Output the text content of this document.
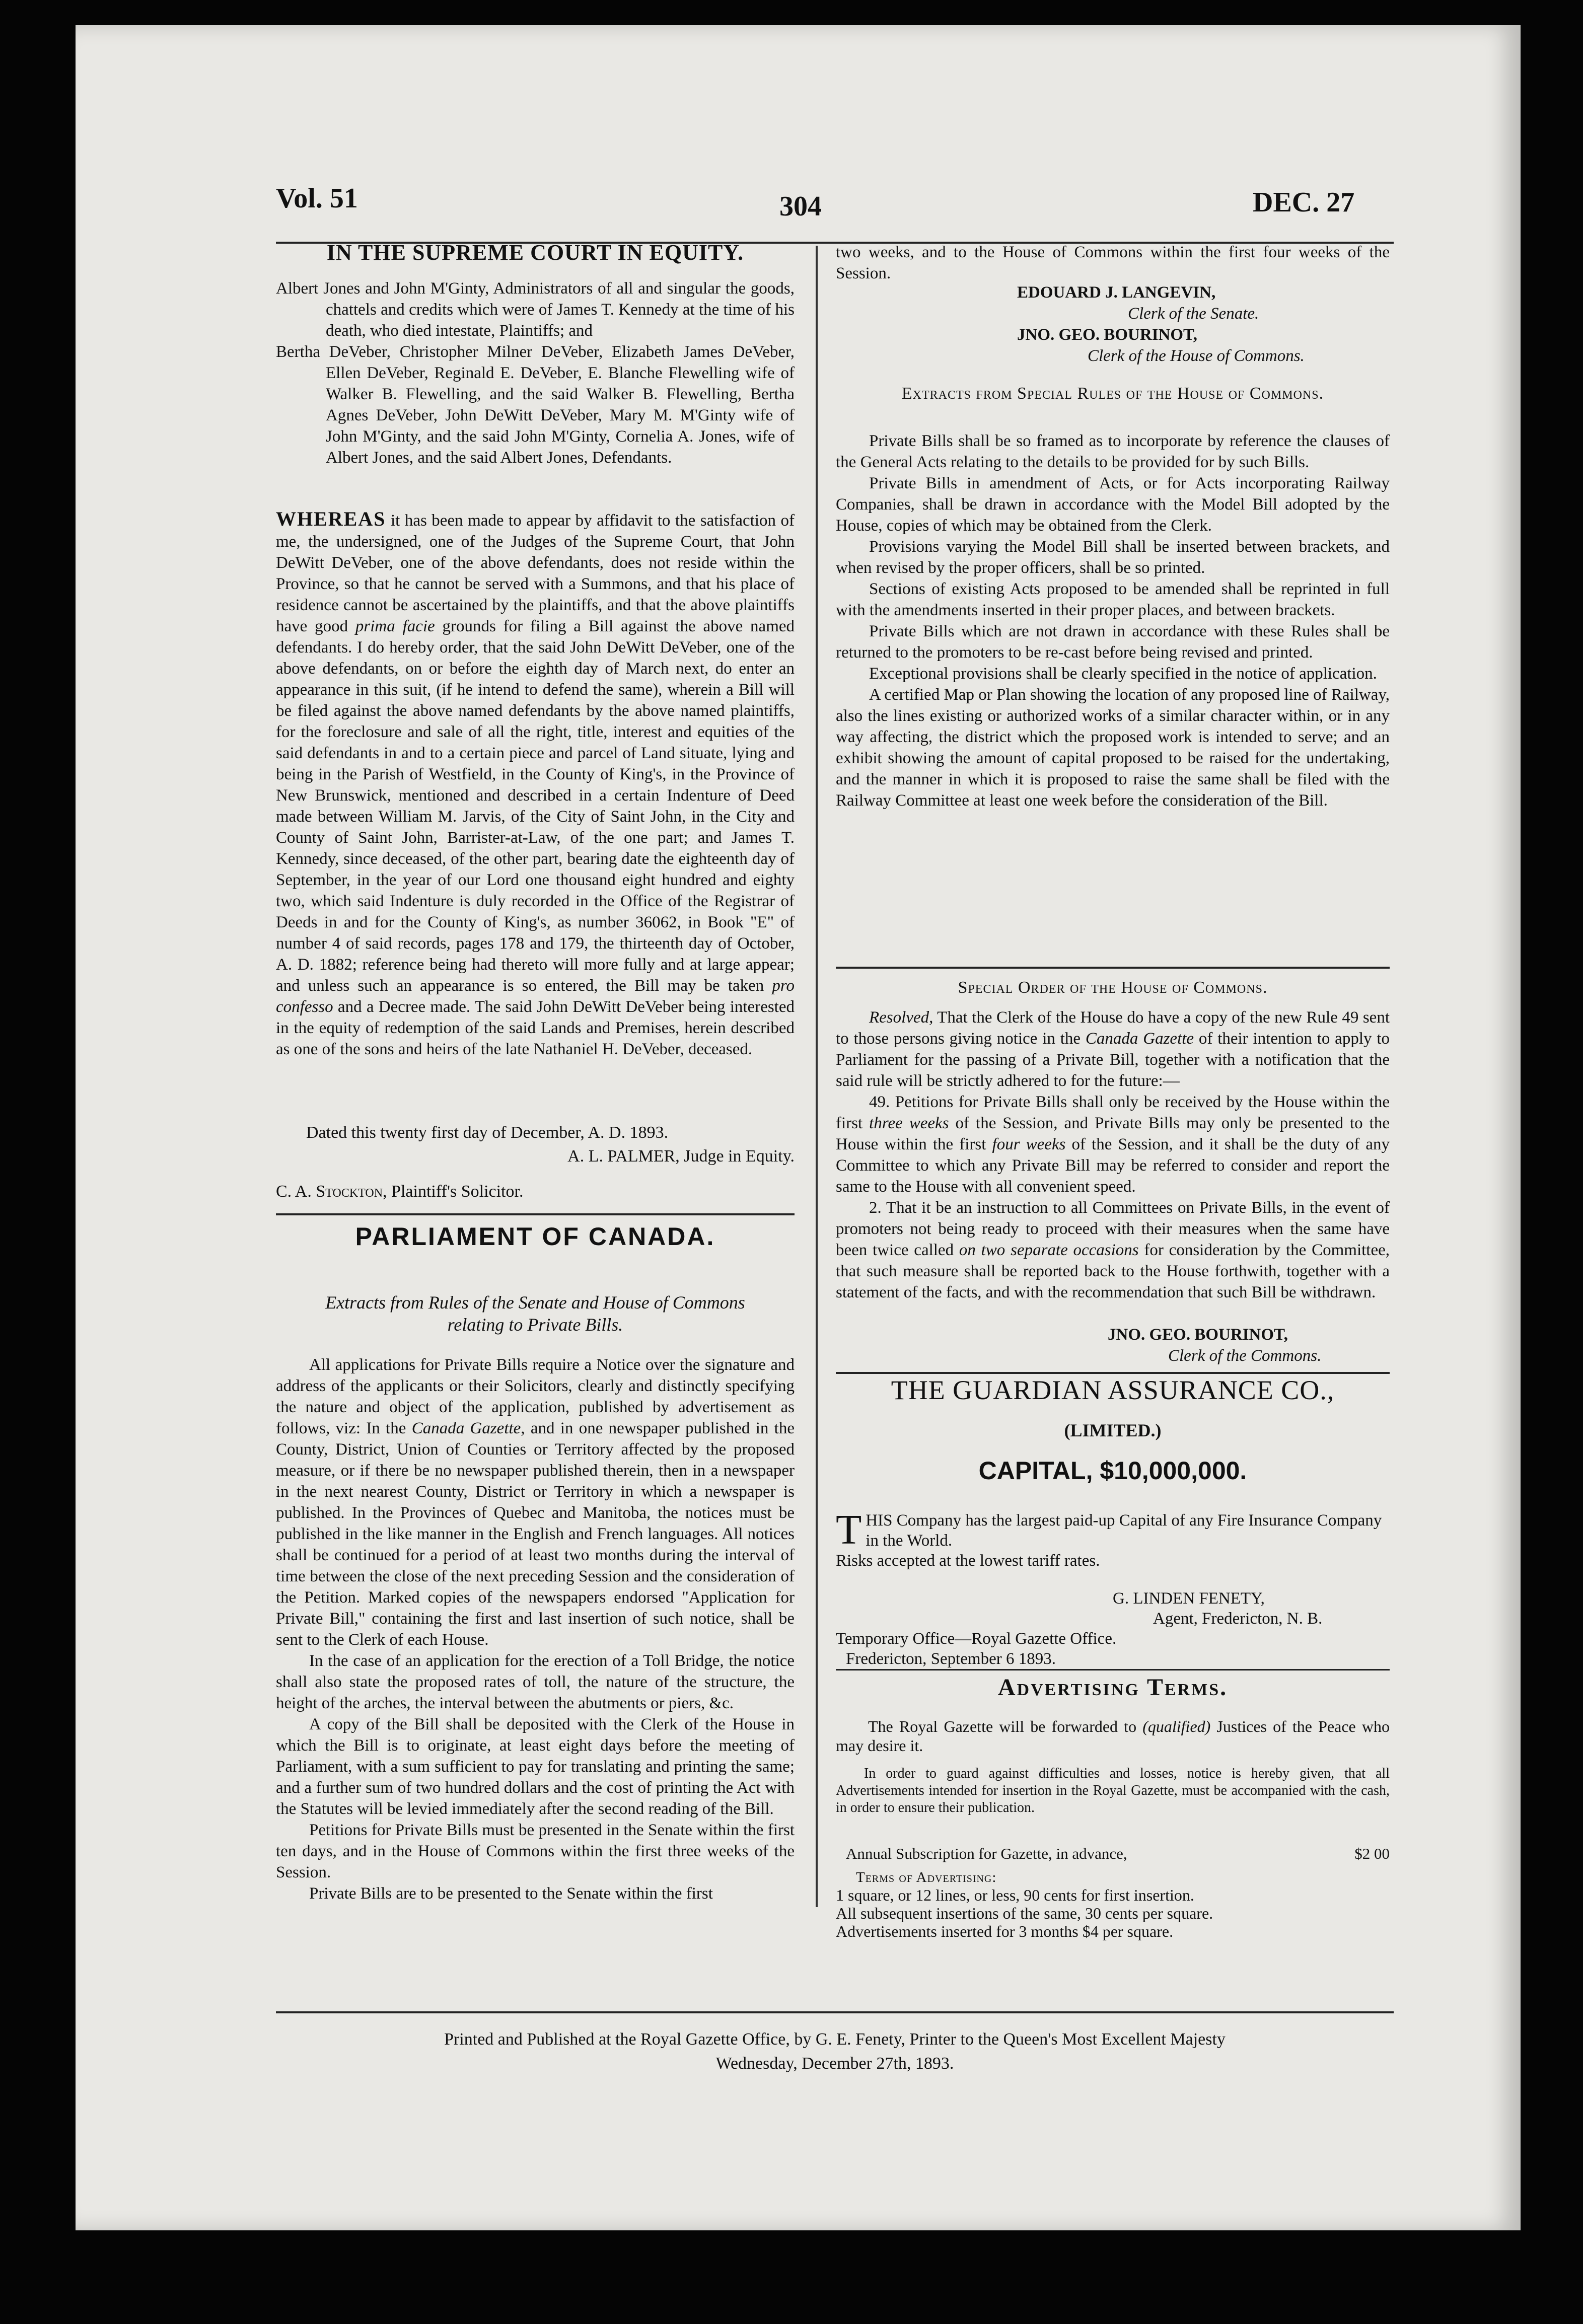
Vol. 51	304	DEC. 27
IN THE SUPREME COURT IN EQUITY.

Albert Jones and John M'Ginty, Administrators of all and singular the goods, chattels and credits which were of James T. Kennedy at the time of his death, who died intestate, Plaintiffs; and

Bertha DeVeber, Christopher Milner DeVeber, Elizabeth James DeVeber, Ellen DeVeber, Reginald E. DeVeber, E. Blanche Flewelling wife of Walker B. Flewelling, and the said Walker B. Flewelling, Bertha Agnes DeVeber, John DeWitt DeVeber, Mary M. M'Ginty wife of John M'Ginty, and the said John M'Ginty, Cornelia A. Jones, wife of Albert Jones, and the said Albert Jones, Defendants.

WHEREAS it has been made to appear by affidavit to the satisfaction of me, the undersigned, one of the Judges of the Supreme Court, that John DeWitt DeVeber, one of the above defendants, does not reside within the Province, so that he cannot be served with a Summons, and that his place of residence cannot be ascertained by the plaintiffs, and that the above plaintiffs have good prima facie grounds for filing a Bill against the above named defendants. I do hereby order, that the said John DeWitt DeVeber, one of the above defendants, on or before the eighth day of March next, do enter an appearance in this suit, (if he intend to defend the same), wherein a Bill will be filed against the above named defendants by the above named plaintiffs, for the foreclosure and sale of all the right, title, interest and equities of the said defendants in and to a certain piece and parcel of Land situate, lying and being in the Parish of Westfield, in the County of King's, in the Province of New Brunswick, mentioned and described in a certain Indenture of Deed made between William M. Jarvis, of the City of Saint John, in the City and County of Saint John, Barrister-at-Law, of the one part; and James T. Kennedy, since deceased, of the other part, bearing date the eighteenth day of September, in the year of our Lord one thousand eight hundred and eighty two, which said Indenture is duly recorded in the Office of the Registrar of Deeds in and for the County of King's, as number 36062, in Book "E" of number 4 of said records, pages 178 and 179, the thirteenth day of October, A. D. 1882; reference being had thereto will more fully and at large appear; and unless such an appearance is so entered, the Bill may be taken pro confesso and a Decree made. The said John DeWitt DeVeber being interested in the equity of redemption of the said Lands and Premises, herein described as one of the sons and heirs of the late Nathaniel H. DeVeber, deceased.

Dated this twenty first day of December, A. D. 1893.
A. L. PALMER, Judge in Equity.
C. A. Stockton, Plaintiff's Solicitor.
PARLIAMENT OF CANADA.
Extracts from Rules of the Senate and House of Commons relating to Private Bills.

All applications for Private Bills require a Notice over the signature and address of the applicants or their Solicitors, clearly and distinctly specifying the nature and object of the application, published by advertisement as follows, viz: In the Canada Gazette, and in one newspaper published in the County, District, Union of Counties or Territory affected by the proposed measure, or if there be no newspaper published therein, then in a newspaper in the next nearest County, District or Territory in which a newspaper is published. In the Provinces of Quebec and Manitoba, the notices must be published in the like manner in the English and French languages. All notices shall be continued for a period of at least two months during the interval of time between the close of the next preceding Session and the consideration of the Petition. Marked copies of the newspapers endorsed "Application for Private Bill," containing the first and last insertion of such notice, shall be sent to the Clerk of each House.

In the case of an application for the erection of a Toll Bridge, the notice shall also state the proposed rates of toll, the nature of the structure, the height of the arches, the interval between the abutments or piers, &c.

A copy of the Bill shall be deposited with the Clerk of the House in which the Bill is to originate, at least eight days before the meeting of Parliament, with a sum sufficient to pay for translating and printing the same; and a further sum of two hundred dollars and the cost of printing the Act with the Statutes will be levied immediately after the second reading of the Bill.

Petitions for Private Bills must be presented in the Senate within the first ten days, and in the House of Commons within the first three weeks of the Session.

Private Bills are to be presented to the Senate within the first

two weeks, and to the House of Commons within the first four weeks of the Session.
EDOUARD J. LANGEVIN,
Clerk of the Senate.
JNO. GEO. BOURINOT,
Clerk of the House of Commons.
Extracts from Special Rules of the House of Commons.

Private Bills shall be so framed as to incorporate by reference the clauses of the General Acts relating to the details to be provided for by such Bills.

Private Bills in amendment of Acts, or for Acts incorporating Railway Companies, shall be drawn in accordance with the Model Bill adopted by the House, copies of which may be obtained from the Clerk.

Provisions varying the Model Bill shall be inserted between brackets, and when revised by the proper officers, shall be so printed.

Sections of existing Acts proposed to be amended shall be reprinted in full with the amendments inserted in their proper places, and between brackets.

Private Bills which are not drawn in accordance with these Rules shall be returned to the promoters to be re-cast before being revised and printed.

Exceptional provisions shall be clearly specified in the notice of application.

A certified Map or Plan showing the location of any proposed line of Railway, also the lines existing or authorized works of a similar character within, or in any way affecting, the district which the proposed work is intended to serve; and an exhibit showing the amount of capital proposed to be raised for the undertaking, and the manner in which it is proposed to raise the same shall be filed with the Railway Committee at least one week before the consideration of the Bill.

Special Order of the House of Commons.

Resolved, That the Clerk of the House do have a copy of the new Rule 49 sent to those persons giving notice in the Canada Gazette of their intention to apply to Parliament for the passing of a Private Bill, together with a notification that the said rule will be strictly adhered to for the future:—

49. Petitions for Private Bills shall only be received by the House within the first three weeks of the Session, and Private Bills may only be presented to the House within the first four weeks of the Session, and it shall be the duty of any Committee to which any Private Bill may be referred to consider and report the same to the House with all convenient speed.

2. That it be an instruction to all Committees on Private Bills, in the event of promoters not being ready to proceed with their measures when the same have been twice called on two separate occasions for consideration by the Committee, that such measure shall be reported back to the House forthwith, together with a statement of the facts, and with the recommendation that such Bill be withdrawn.

JNO. GEO. BOURINOT,
Clerk of the Commons.
THE GUARDIAN ASSURANCE CO.,
(LIMITED.)
CAPITAL, $10,000,000.
T HIS Company has the largest paid-up Capital of any Fire Insurance Company in the World.
Risks accepted at the lowest tariff rates.
G. LINDEN FENETY,
Agent, Fredericton, N. B.
Temporary Office—Royal Gazette Office.
Fredericton, September 6 1893.
Advertising Terms.

The Royal Gazette will be forwarded to (qualified) Justices of the Peace who may desire it.

In order to guard against difficulties and losses, notice is hereby given, that all Advertisements intended for insertion in the Royal Gazette, must be accompanied with the cash, in order to ensure their publication.

Annual Subscription for Gazette, in advance,	$2 00
Terms of Advertising:
1 square, or 12 lines, or less, 90 cents for first insertion.
All subsequent insertions of the same, 30 cents per square.
Advertisements inserted for 3 months $4 per square.
Printed and Published at the Royal Gazette Office, by G. E. Fenety, Printer to the Queen's Most Excellent Majesty
Wednesday, December 27th, 1893.
